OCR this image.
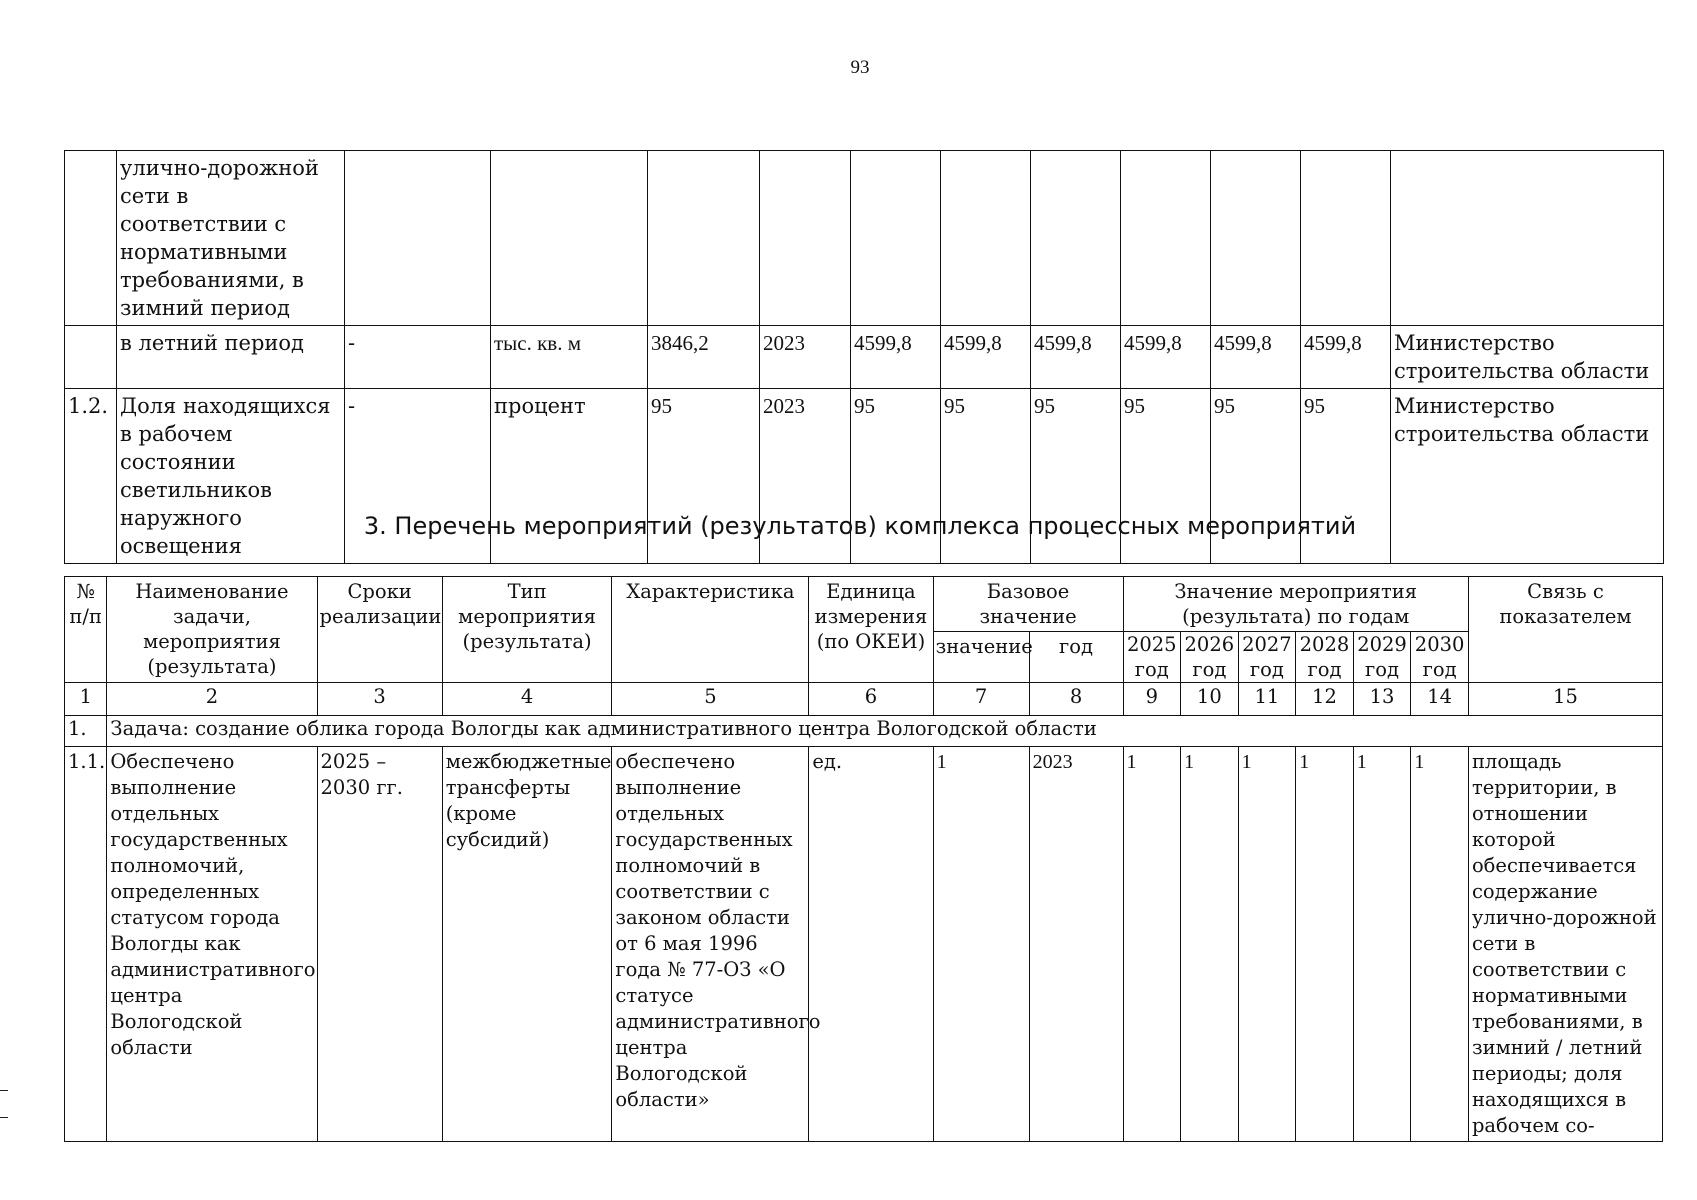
93
	улично-дорожной сети в соответствии с нормативными требованиями, в зимний период											
	в летний период	-	тыс. кв. м	3846,2	2023	4599,8	4599,8	4599,8	4599,8	4599,8	4599,8	Министерство строительства области
1.2.	Доля находящихся в рабочем состоянии светильников наружного освещения	-	процент	95	2023	95	95	95	95	95	95	Министерство строительства области
3. Перечень мероприятий (результатов) комплекса процессных мероприятий
№ п/п	Наименование задачи, мероприятия (результата)	Сроки реализации	Тип мероприятия (результата)	Характеристика	Единица измерения (по ОКЕИ)	Базовое значение		Значение мероприятия (результата) по годам						Связь с показателем
						значение	год	2025 год	2026 год	2027 год	2028 год	2029 год	2030 год	

1	2	3	4	5	6	7	8	9	10	11	12	13	14	15
1.	Задача: создание облика города Вологды как административного центра Вологодской области													
1.1.	Обеспечено выполнение отдельных государственных полномочий, определенных статусом города Вологды как административного центра Вологодской области	2025 – 2030 гг.	межбюджетные трансферты (кроме субсидий)	обеспечено выполнение отдельных государственных полномочий в соответствии с законом области от 6 мая 1996 года № 77-ОЗ «О статусе административного центра Вологодской области»	ед.	1	2023	1	1	1	1	1	1	площадь территории, в отношении которой обеспечивается содержание улично-дорожной сети в соответствии с нормативными требованиями, в зимний / летний периоды; доля находящихся в рабочем со-
